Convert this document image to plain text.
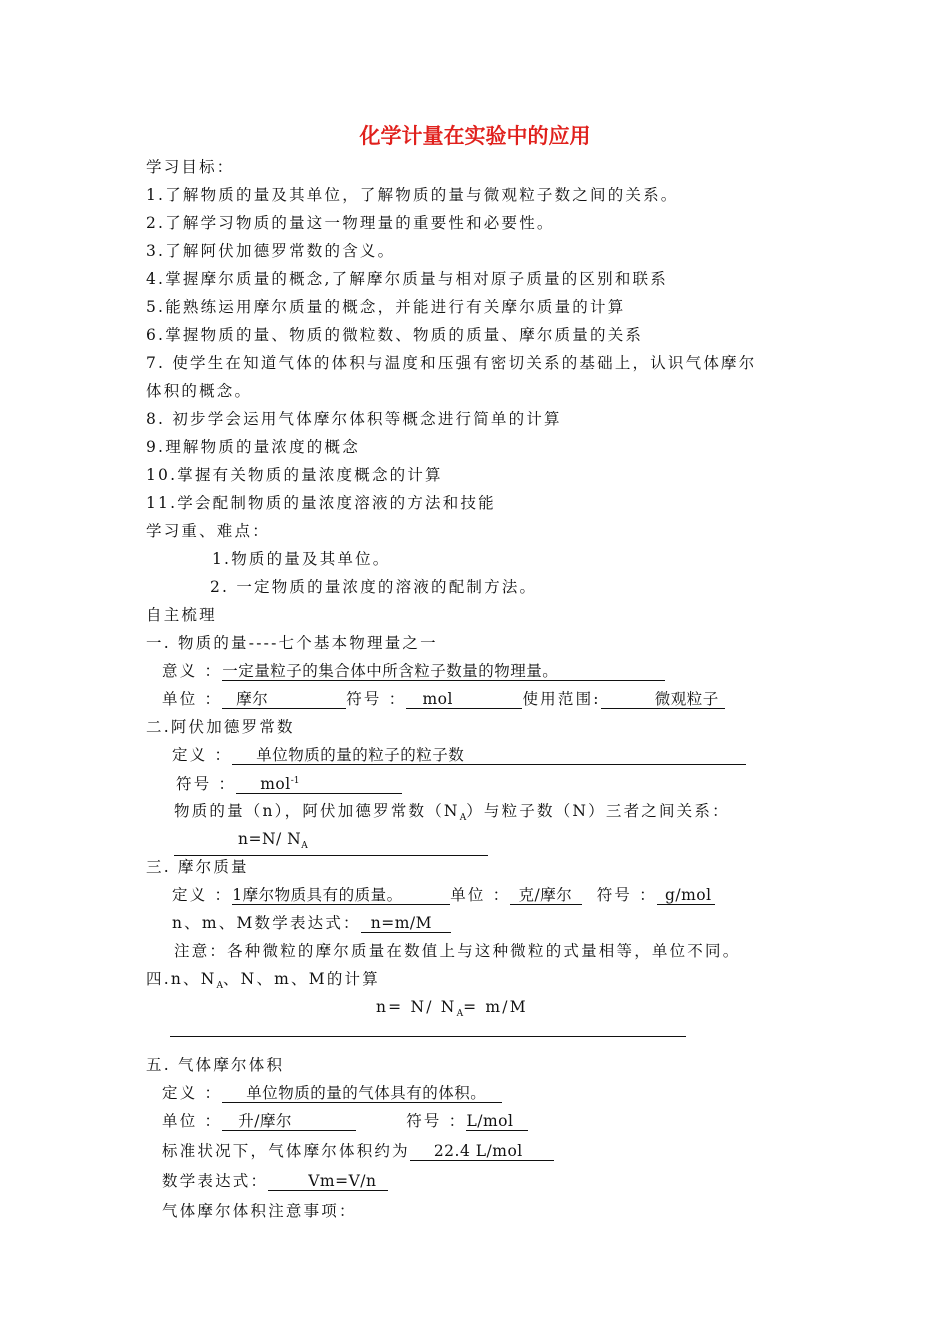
化学计量在实验中的应用
学习目标：
1.了解物质的量及其单位，了解物质的量与微观粒子数之间的关系。
2.了解学习物质的量这一物理量的重要性和必要性。
3.了解阿伏加德罗常数的含义。
4.掌握摩尔质量的概念,了解摩尔质量与相对原子质量的区别和联系
5.能熟练运用摩尔质量的概念，并能进行有关摩尔质量的计算
6.掌握物质的量、物质的微粒数、物质的质量、摩尔质量的关系
7. 使学生在知道气体的体积与温度和压强有密切关系的基础上，认识气体摩尔
体积的概念。
8. 初步学会运用气体摩尔体积等概念进行简单的计算
9.理解物质的量浓度的概念
10.掌握有关物质的量浓度概念的计算
11.学会配制物质的量浓度溶液的方法和技能
学习重、难点：
1.物质的量及其单位。
2. 一定物质的量浓度的溶液的配制方法。
自主梳理
一. 物质的量----七个基本物理量之一
意义 ：一定量粒子的集合体中所含粒子数量的物理量。
单位 ： 摩尔	符号 ： mol	使用范围:	微观粒子
二.阿伏加德罗常数
定义 ： 单位物质的量的粒子的粒子数
符号 ： mol$^{-1}$
物质的量（n），阿伏加德罗常数$(N_A)$与粒子数（N）三者之间关系：
n=N/ $N_A$
三. 摩尔质量
定义 ：1摩尔物质具有的质量。	单位 ： 克/摩尔 符号 ： g/mol
n、m、M数学表达式： n=m/M
注意：各种微粒的摩尔质量在数值上与这种微粒的式量相等，单位不同。
四.n、$N_A$、N、m、M的计算
n= N/ $N_A= m/M$
五. 气体摩尔体积
定义 ： 单位物质的量的气体具有的体积。
单位 ： 升/摩尔	符号 ：L/mol
标准状况下，气体摩尔体积约为 22.4 L/mol
数学表达式：	Vm=V/n
气体摩尔体积注意事项：
